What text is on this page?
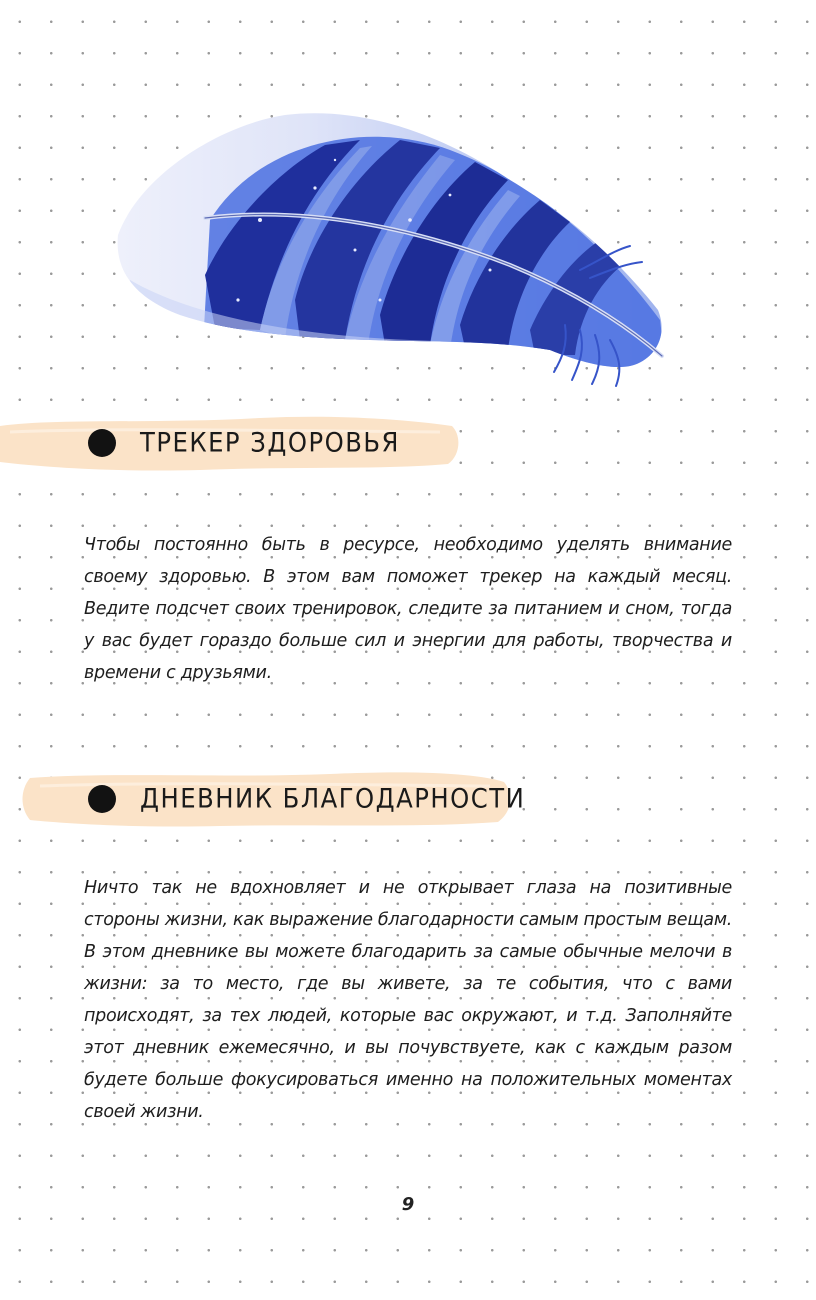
ТРЕКЕР ЗДОРОВЬЯ

Чтобы постоянно быть в ресурсе, необходимо уделять внимание своему здоровью. В этом вам поможет трекер на каждый месяц. Ведите подсчет своих тренировок, следите за питанием и сном, тогда у вас будет гораздо больше сил и энергии для работы, творчества и времени с друзьями.

ДНЕВНИК БЛАГОДАРНОСТИ

Ничто так не вдохновляет и не открывает глаза на позитивные стороны жизни, как выражение благодарности самым простым вещам. В этом дневнике вы можете благодарить за самые обычные мелочи в жизни: за то место, где вы живете, за те события, что с вами происходят, за тех людей, которые вас окружают, и т.д. Заполняйте этот дневник ежемесячно, и вы почувствуете, как с каждым разом будете больше фокусироваться именно на положительных моментах своей жизни.

9
